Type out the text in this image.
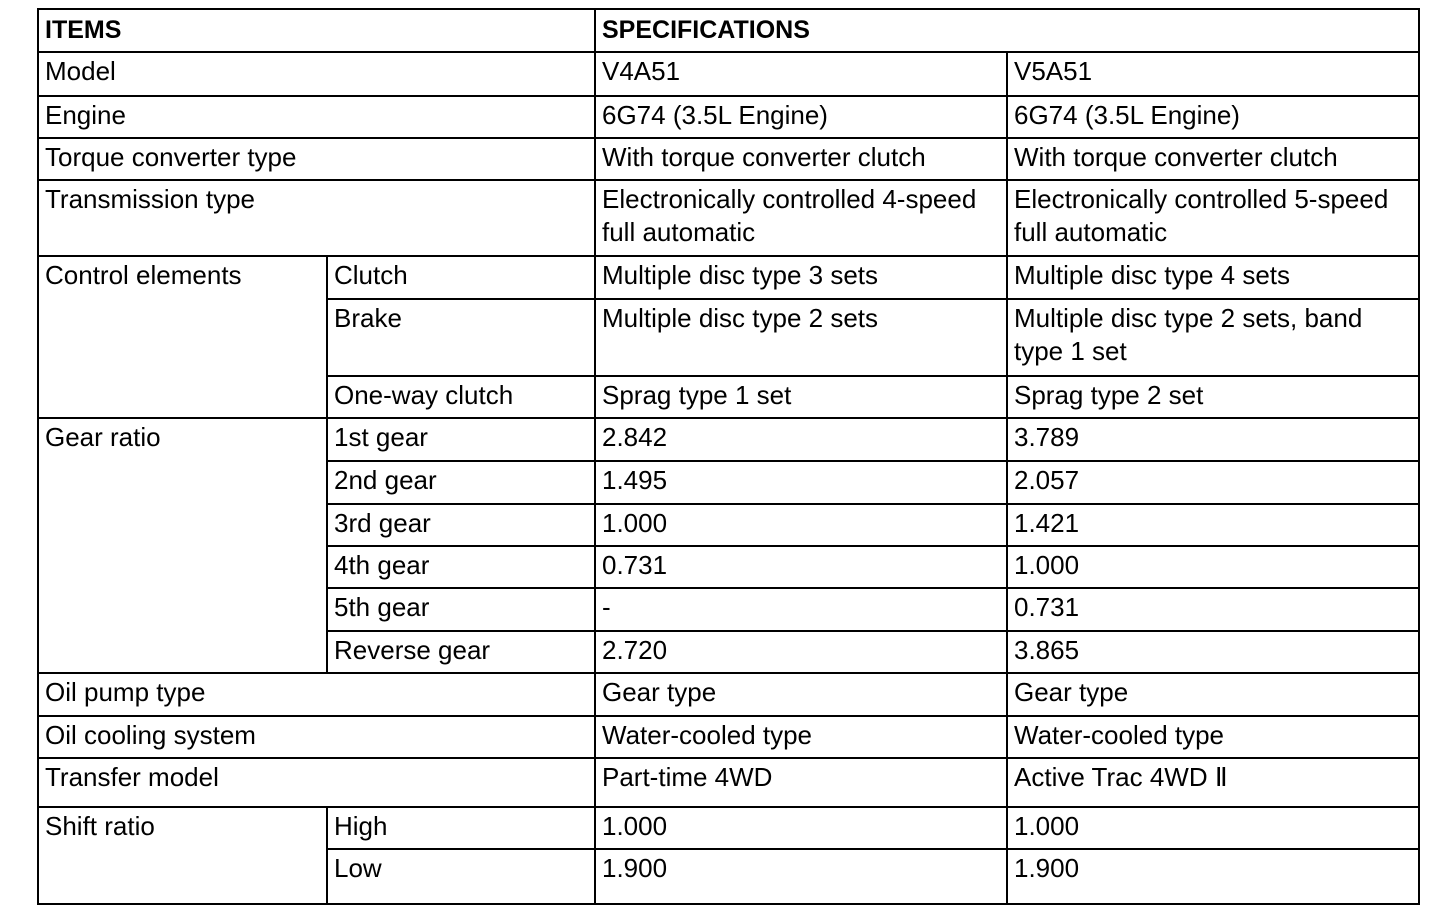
ITEMS		SPECIFICATIONS	
Model		V4A51	V5A51
Engine		6G74 (3.5L Engine)	6G74 (3.5L Engine)
Torque converter type		With torque converter clutch	With torque converter clutch
Transmission type		Electronically controlled 4-speed full automatic	Electronically controlled 5-speed full automatic
Control elements	Clutch	Multiple disc type 3 sets	Multiple disc type 4 sets
	Brake	Multiple disc type 2 sets	Multiple disc type 2 sets, band type 1 set
	One-way clutch	Sprag type 1 set	Sprag type 2 set
Gear ratio	1st gear	2.842	3.789
	2nd gear	1.495	2.057
	3rd gear	1.000	1.421
	4th gear	0.731	1.000
	5th gear	-	0.731
	Reverse gear	2.720	3.865
Oil pump type		Gear type	Gear type
Oil cooling system		Water-cooled type	Water-cooled type
Transfer model		Part-time 4WD	Active Trac 4WD Ⅱ
Shift ratio	High	1.000	1.000
	Low	1.900	1.900
